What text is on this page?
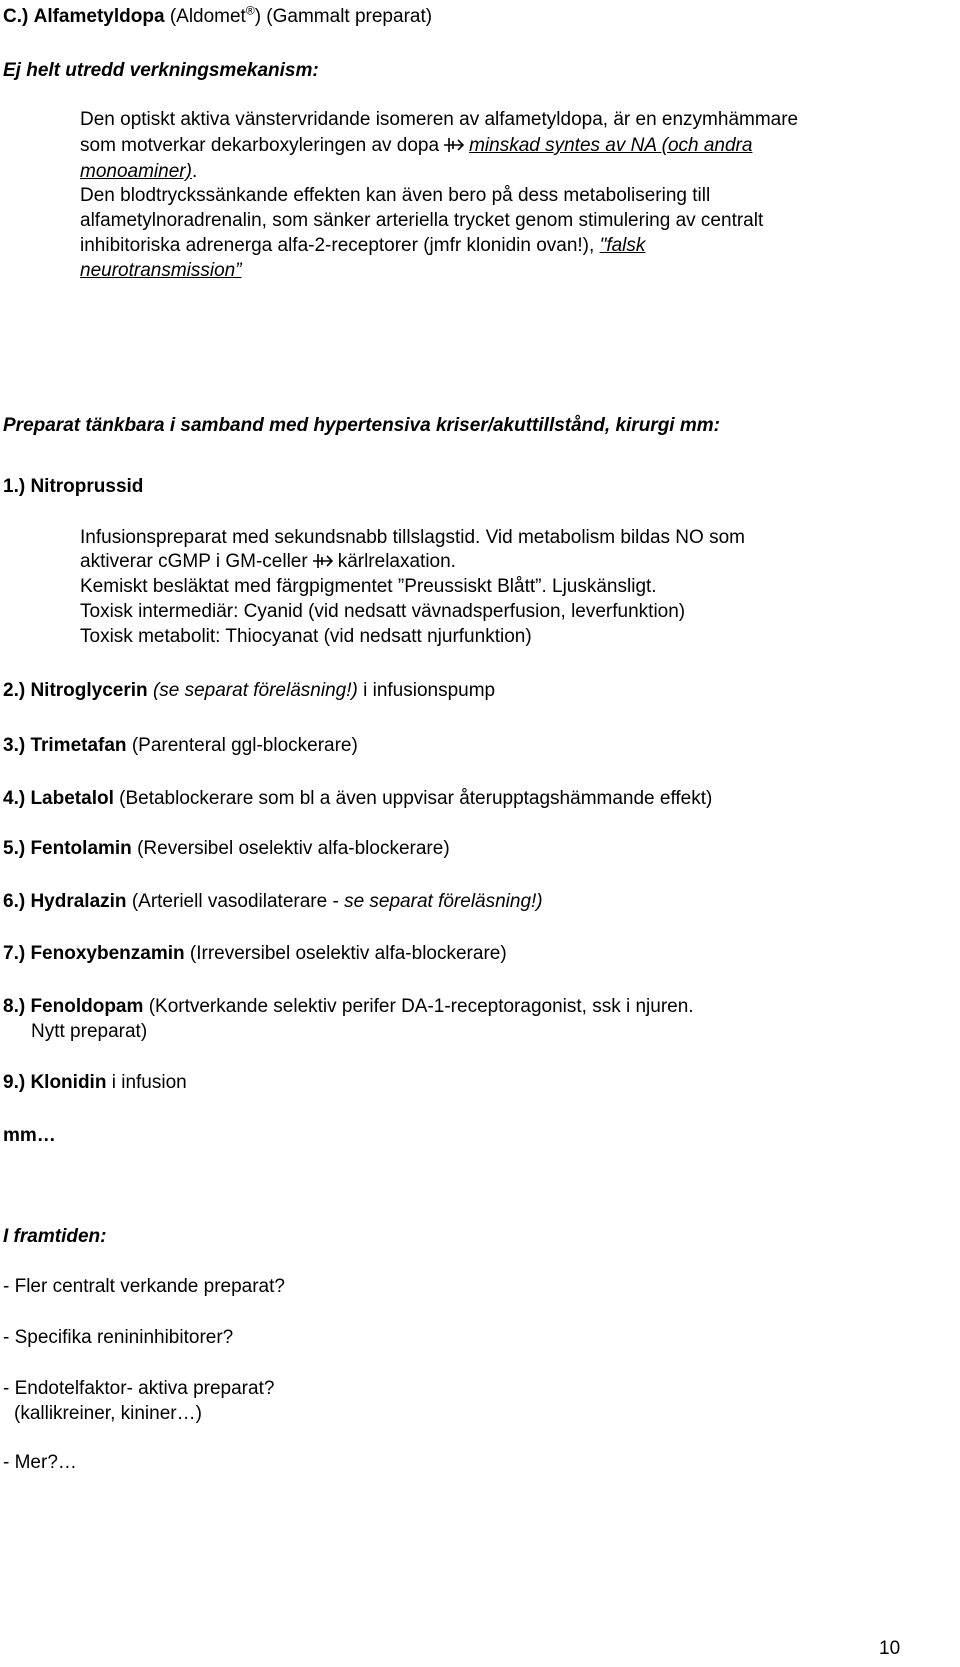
C.) Alfametyldopa (Aldomet®) (Gammalt preparat)
Ej helt utredd verkningsmekanism:
Den optiskt aktiva vänstervridande isomeren av alfametyldopa, är en enzymhämmare
som motverkar dekarboxyleringen av dopa minskad syntes av NA (och andra
monoaminer).
Den blodtryckssänkande effekten kan även bero på dess metabolisering till
alfametylnoradrenalin, som sänker arteriella trycket genom stimulering av centralt
inhibitoriska adrenerga alfa-2-receptorer (jmfr klonidin ovan!), "falsk
neurotransmission”
Preparat tänkbara i samband med hypertensiva kriser/akuttillstånd, kirurgi mm:
1.) Nitroprussid
Infusionspreparat med sekundsnabb tillslagstid. Vid metabolism bildas NO som
aktiverar cGMP i GM-celler kärlrelaxation.
Kemiskt besläktat med färgpigmentet ”Preussiskt Blått”. Ljuskänsligt.
Toxisk intermediär: Cyanid (vid nedsatt vävnadsperfusion, leverfunktion)
Toxisk metabolit: Thiocyanat (vid nedsatt njurfunktion)
2.) Nitroglycerin (se separat föreläsning!) i infusionspump
3.) Trimetafan (Parenteral ggl-blockerare)
4.) Labetalol (Betablockerare som bl a även uppvisar återupptagshämmande effekt)
5.) Fentolamin (Reversibel oselektiv alfa-blockerare)
6.) Hydralazin (Arteriell vasodilaterare - se separat föreläsning!)
7.) Fenoxybenzamin (Irreversibel oselektiv alfa-blockerare)
8.) Fenoldopam (Kortverkande selektiv perifer DA-1-receptoragonist, ssk i njuren.
Nytt preparat)
9.) Klonidin i infusion
mm…
I framtiden:
- Fler centralt verkande preparat?
- Specifika renininhibitorer?
- Endotelfaktor- aktiva preparat?
(kallikreiner, kininer…)
- Mer?…
10
